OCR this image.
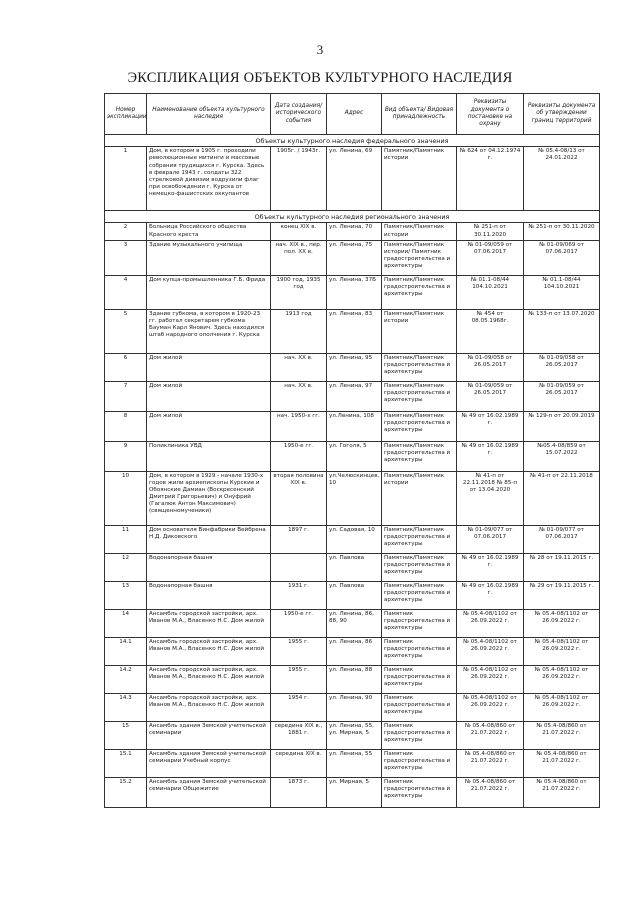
3
ЭКСПЛИКАЦИЯ ОБЪЕКТОВ КУЛЬТУРНОГО НАСЛЕДИЯ
Номер экспликации	Наименование объекта культурного наследия	Дата создания/ исторического события	Адрес	Вид объекта/ Видовая принадлежность	Реквизиты документа о постановке на охрану	Реквизиты документа об утверждении границ территорий
Объекты культурного наследия федерального значения						
1	Дом, в котором в 1905 г. проходили революционные митинги и массовые собрания трудящихся г. Курска. Здесь в феврале 1943 г. солдаты 322 стрелковой дивизии водрузили флаг при освобождении г. Курска от немецко-фашистских оккупантов	1905г. / 1943г.	ул. Ленина, 69	Памятник/Памятник истории	№ 624 от 04.12.1974 г.	№ 05.4-08/13 от 24.01.2022
Объекты культурного наследия регионального значения						
2	Больница Российского общества Красного креста	конец XIX в.	ул. Ленина, 70	Памятник/Памятник истории	№ 251-п от 30.11.2020	№ 251-п от 30.11.2020
3	Здание музыкального училища	нач. XIX в., пер. пол. XX в.	ул. Ленина, 75	Памятник/Памятник истории/ Памятник градостроительства и архитектуры	№ 01-09/059 от 07.06.2017	№ 01-09/069 от 07.06.2017
4	Дом купца-промышленника Г.Б. Фрида	1900 год, 1935 год	ул. Ленина, 37Б	Памятник/Памятник градостроительства и архитектуры	№ 01.1-08/44 104.10.2021	№ 01.1-08/44 104.10.2021
5	Здание губкома, в котором в 1920-23 гг. работал секретарем губкома Бауман Карл Янович. Здесь находился штаб народного ополчения г. Курска	1913 год	ул. Ленина, 83	Памятник/Памятник истории	№ 454 от 08.05.1968г.	№ 133-п от 13.07.2020
6	Дом жилой	нач. XX в.	ул. Ленина, 95	Памятник/Памятник градостроительства и архитектуры	№ 01-09/058 от 26.05.2017	№ 01-09/058 от 26.05.2017
7	Дом жилой	нач. XX в.	ул. Ленина, 97	Памятник/Памятник градостроительства и архитектуры	№ 01-09/059 от 26.05.2017	№ 01-09/059 от 26.05.2017
8	Дом жилой	нач. 1950-х гг.	ул.Ленина, 108	Памятник/Памятник градостроительства и архитектуры	№ 49 от 16.02.1989 г.	№ 129-п от 20.09.2019
9	Поликлиника УВД	1950-е гг.	ул. Гоголя, 5	Памятник/Памятник градостроительства и архитектуры	№ 49 от 16.02.1989 г.	№05.4-08/859 от 15.07.2022
10	Дом, в котором в 1929 - начале 1930-х годов жили архиепископы Курские и Обоянские Дамиан (Воскресенский Дмитрий Григорьевич) и Ону́фрий (Гагалюк Антон Максимович) (священномученики)	вторая половина XIX в.	ул.Челюскинцев, 10	Памятник/Памятник истории	№ 41-п от 22.11.2018 № 85-п от 13.04.2020	№ 41-п от 22.11.2018
11	Дом основателя Винфабрики Вейбрена Н.Д. Диковского	1897 г.	ул. Садовая, 10	Памятник/Памятник градостроительства и архитектуры	№ 01-09/077 от 07.06.2017	№ 01-09/077 от 07.06.2017
12	Водонапорная башня		ул. Павлова	Памятник/Памятник градостроительства и архитектуры	№ 49 от 16.02.1989 г.	№ 28 от 19.11.2015 г.
13	Водонапорная башня	1931 г.	ул. Павлова	Памятник/Памятник градостроительства и архитектуры	№ 49 от 16.02.1989 г.	№ 29 от 19.11.2015 г.
14	Ансамбль городской застройки, арх. Иванов М.А., Власенко Н.С. Дом жилой	1950-е гг.	ул. Ленина, 86, 88, 90	Памятник градостроительства и архитектуры	№ 05.4-08/1102 от 26.09.2022 г.	№ 05.4-08/1102 от 26.09.2022 г.
14.1	Ансамбль городской застройки, арх. Иванов М.А., Власенко Н.С. Дом жилой	1955 г.	ул. Ленина, 86	Памятник градостроительства и архитектуры	№ 05.4-08/1102 от 26.09.2022 г.	№ 05.4-08/1102 от 26.09.2022 г.
14.2	Ансамбль городской застройки, арх. Иванов М.А., Власенко Н.С. Дом жилой	1955 г.	ул. Ленина, 88	Памятник градостроительства и архитектуры	№ 05.4-08/1102 от 26.09.2022 г.	№ 05.4-08/1102 от 26.09.2022 г.
14.3	Ансамбль городской застройки, арх. Иванов М.А., Власенко Н.С. Дом жилой	1954 г.	ул. Ленина, 90	Памятник градостроительства и архитектуры	№ 05.4-08/1102 от 26.09.2022 г.	№ 05.4-08/1102 от 26.09.2022 г.
15	Ансамбль здания Земской учительской семинарии	середина XIX в., 1881 г.	ул. Ленина, 55, ул. Мирная, 5	Памятник градостроительства и архитектуры	№ 05.4-08/860 от 21.07.2022 г.	№ 05.4-08/860 от 21.07.2022 г.
15.1	Ансамбль здания Земской учительской семинарии Учебный корпус	середина XIX в.	ул. Ленина, 55	Памятник градостроительства и архитектуры	№ 05.4-08/860 от 21.07.2022 г.	№ 05.4-08/860 от 21.07.2022 г.
15.2	Ансамбль здания Земской учительской семинарии Общежитие	1873 г.	ул. Мирная, 5	Памятник градостроительства и архитектуры	№ 05.4-08/860 от 21.07.2022 г.	№ 05.4-08/860 от 21.07.2022 г.
